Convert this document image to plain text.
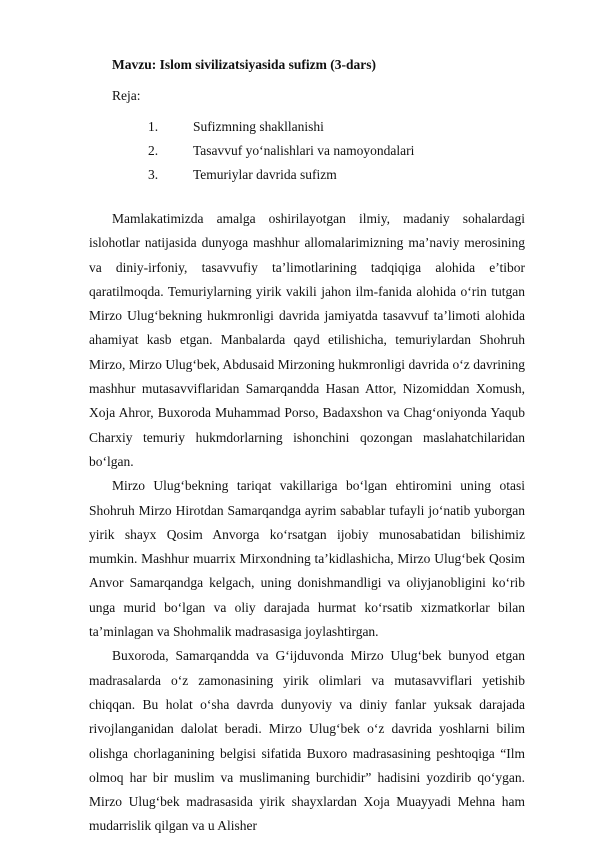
Mavzu: Islom sivilizatsiyasida sufizm (3-dars)
Reja:
1.	Sufizmning shakllanishi
2.	Tasavvuf yo‘nalishlari va namoyondalari
3.	Temuriylar davrida sufizm

Mamlakatimizda amalga oshirilayotgan ilmiy, madaniy sohalardagi islohotlar natijasida dunyoga mashhur allomalarimizning ma’naviy merosining va diniy-irfoniy, tasavvufiy ta’limotlarining tadqiqiga alohida e’tibor qaratilmoqda. Temuriylarning yirik vakili jahon ilm-fanida alohida o‘rin tutgan Mirzo Ulug‘bekning hukmronligi davrida jamiyatda tasavvuf ta’limoti alohida ahamiyat kasb etgan. Manbalarda qayd etilishicha, temuriylardan Shohruh Mirzo, Mirzo Ulug‘bek, Abdusaid Mirzoning hukmronligi davrida o‘z davrining mashhur mutasavviflaridan Samarqandda Hasan Attor, Nizomiddan Xomush, Xoja Ahror, Buxoroda Muhammad Porso, Badaxshon va Chag‘oniyonda Yaqub Charxiy temuriy hukmdorlarning ishonchini qozongan maslahatchilaridan bo‘lgan.

Mirzo Ulug‘bekning tariqat vakillariga bo‘lgan ehtiromini uning otasi Shohruh Mirzo Hirotdan Samarqandga ayrim sabablar tufayli jo‘natib yuborgan yirik shayx Qosim Anvorga ko‘rsatgan ijobiy munosabatidan bilishimiz mumkin. Mashhur muarrix Mirxondning ta’kidlashicha, Mirzo Ulug‘bek Qosim Anvor Samarqandga kelgach, uning donishmandligi va oliyjanobligini ko‘rib unga murid bo‘lgan va oliy darajada hurmat ko‘rsatib xizmatkorlar bilan ta’minlagan va Shohmalik madrasasiga joylashtirgan.

Buxoroda, Samarqandda va G‘ijduvonda Mirzo Ulug‘bek bunyod etgan madrasalarda o‘z zamonasining yirik olimlari va mutasavviflari yetishib chiqqan. Bu holat o‘sha davrda dunyoviy va diniy fanlar yuksak darajada rivojlanganidan dalolat beradi. Mirzo Ulug‘bek o‘z davrida yoshlarni bilim olishga chorlaganining belgisi sifatida Buxoro madrasasining peshtoqiga “Ilm olmoq har bir muslim va muslimaning burchidir” hadisini yozdirib qo‘ygan. Mirzo Ulug‘bek madrasasida yirik shayxlardan Xoja Muayyadi Mehna ham mudarrislik qilgan va u Alisher
